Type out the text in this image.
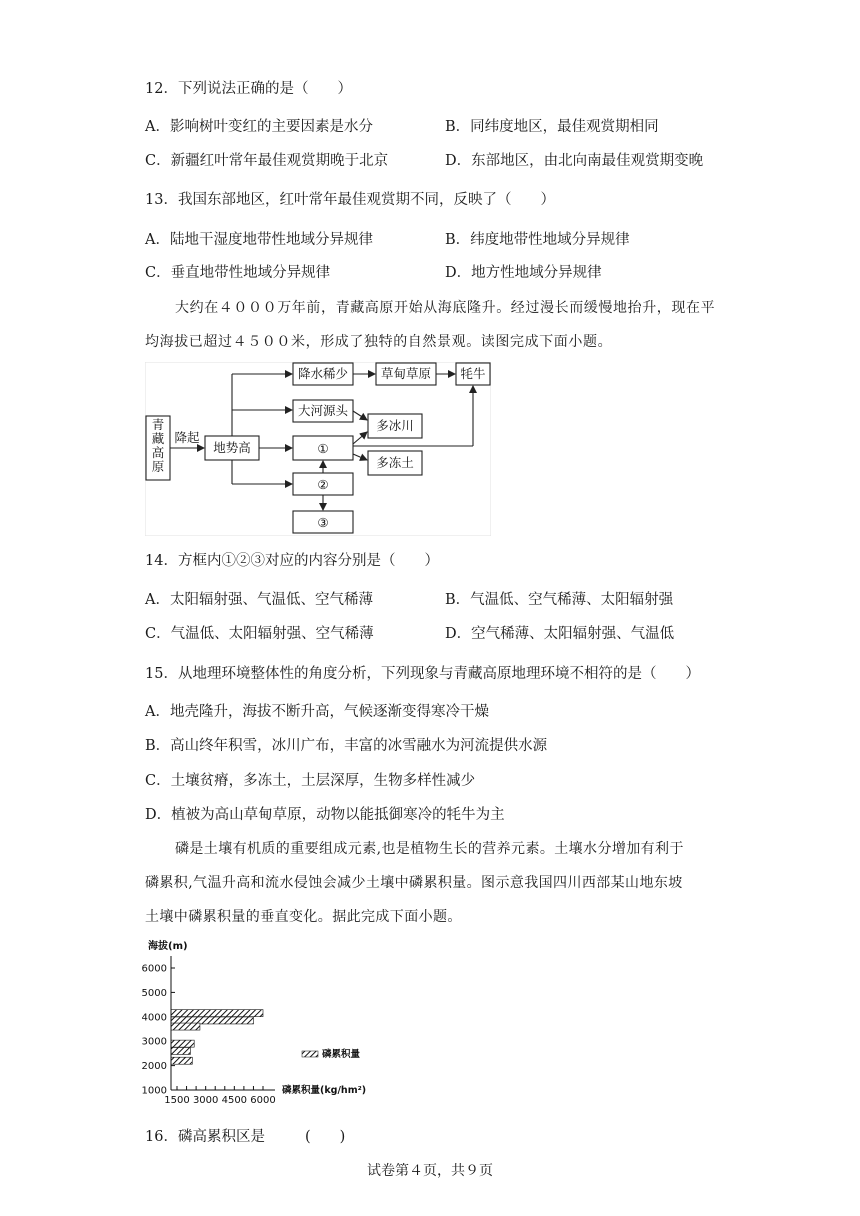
12．下列说法正确的是（　　）
A．影响树叶变红的主要因素是水分	B．同纬度地区，最佳观赏期相同
C．新疆红叶常年最佳观赏期晚于北京	D．东部地区，由北向南最佳观赏期变晚
13．我国东部地区，红叶常年最佳观赏期不同，反映了（　　）
A．陆地干湿度地带性地域分异规律	B．纬度地带性地域分异规律
C．垂直地带性地域分异规律	D．地方性地域分异规律
大约在４０００万年前，青藏高原开始从海底隆升。经过漫长而缓慢地抬升，现在平
均海拔已超过４５００米，形成了独特的自然景观。读图完成下面小题。
青
藏
高
原
降起
地势高
降水稀少	草甸草原 牦牛
大河源头
多冰川
多冻土
①
②
③
14．方框内①②③对应的内容分别是（　　）
A．太阳辐射强、气温低、空气稀薄	B．气温低、空气稀薄、太阳辐射强
C．气温低、太阳辐射强、空气稀薄	D．空气稀薄、太阳辐射强、气温低
15．从地理环境整体性的角度分析，下列现象与青藏高原地理环境不相符的是（　　）
A．地壳隆升，海拔不断升高，气候逐渐变得寒冷干燥
B．高山终年积雪，冰川广布，丰富的冰雪融水为河流提供水源
C．土壤贫瘠，多冻土，土层深厚，生物多样性减少
D．植被为高山草甸草原，动物以能抵御寒冷的牦牛为主
磷是土壤有机质的重要组成元素,也是植物生长的营养元素。土壤水分增加有利于
磷累积,气温升高和流水侵蚀会减少土壤中磷累积量。图示意我国四川西部某山地东坡
土壤中磷累积量的垂直变化。据此完成下面小题。
海拔(m)
6000
5000
4000
3000
2000
1000
1500 3000 4500 6000
磷累积量
磷累积量(kg/hm²)
16．磷高累积区是	(　　)
试卷第４页，共９页
